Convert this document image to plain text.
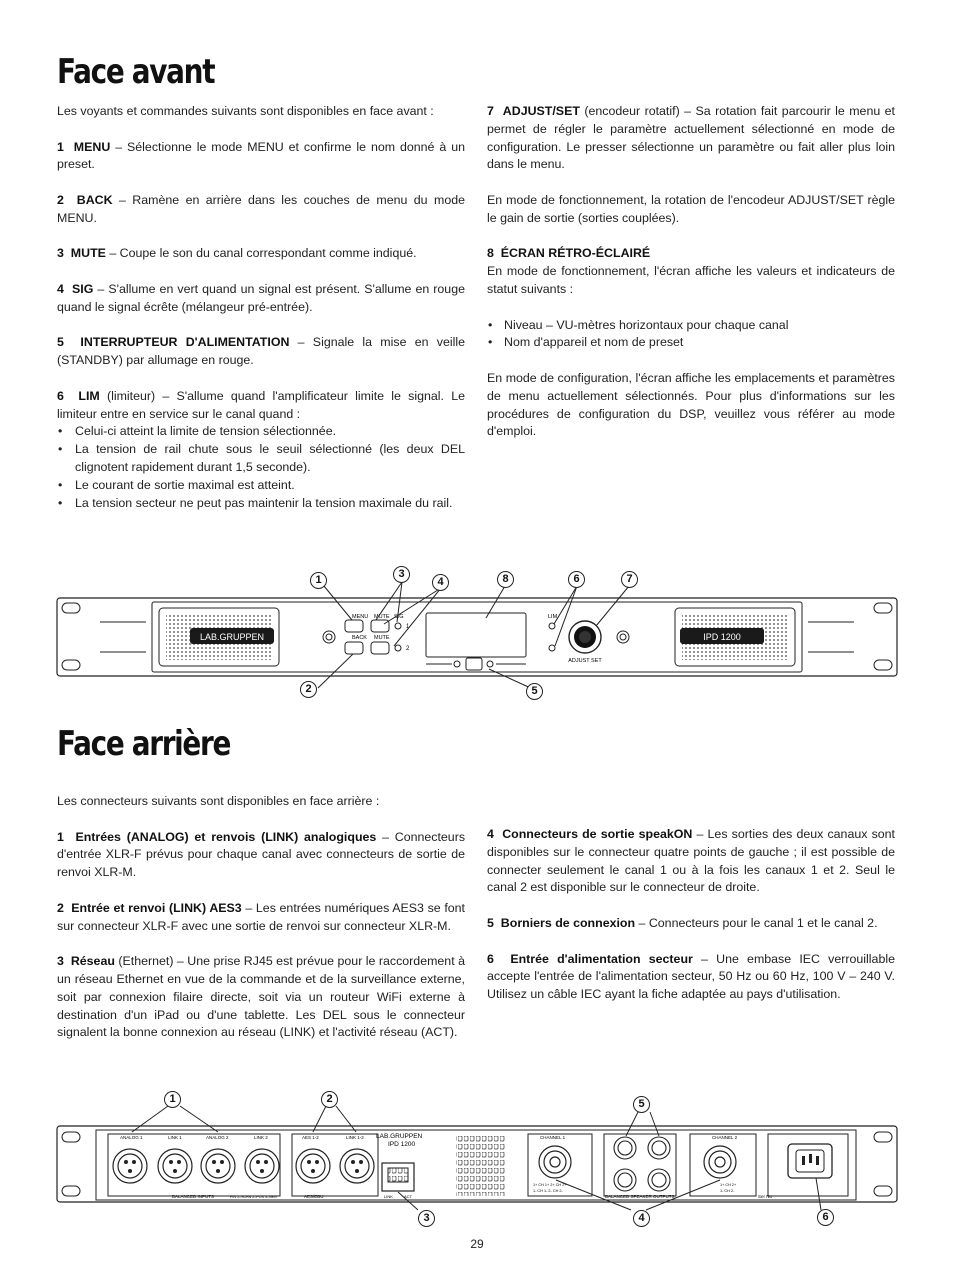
Face avant

Les voyants et commandes suivants sont disponibles en face avant :

1 MENU – Sélectionne le mode MENU et confirme le nom donné à un preset.

2 BACK – Ramène en arrière dans les couches de menu du mode MENU.

3 MUTE – Coupe le son du canal correspondant comme indiqué.

4 SIG – S'allume en vert quand un signal est présent. S'allume en rouge quand le signal écrête (mélangeur pré-entrée).

5 INTERRUPTEUR D'ALIMENTATION – Signale la mise en veille (STANDBY) par allumage en rouge.

6 LIM (limiteur) – S'allume quand l'amplificateur limite le signal. Le limiteur entre en service sur le canal quand :

• Celui-ci atteint la limite de tension sélectionnée.
• La tension de rail chute sous le seuil sélectionné (les deux DEL clignotent rapidement durant 1,5 seconde).
• Le courant de sortie maximal est atteint.
• La tension secteur ne peut pas maintenir la tension maximale du rail.

7 ADJUST/SET (encodeur rotatif) – Sa rotation fait parcourir le menu et permet de régler le paramètre actuellement sélectionné en mode de configuration. Le presser sélectionne un paramètre ou fait aller plus loin dans le menu.

En mode de fonctionnement, la rotation de l'encodeur ADJUST/SET règle le gain de sortie (sorties couplées).

8 ÉCRAN RÉTRO-ÉCLAIRÉ

En mode de fonctionnement, l'écran affiche les valeurs et indicateurs de statut suivants :

• Niveau – VU-mètres horizontaux pour chaque canal
• Nom d'appareil et nom de preset

En mode de configuration, l'écran affiche les emplacements et paramètres de menu actuellement sélectionnés. Pour plus d'informations sur les procédures de configuration du DSP, veuillez vous référer au mode d'emploi.

LAB.GRUPPEN
MENU
BACK
MUTE
MUTE
SIG
1
2
LIM
ADJUST SET
IPD 1200
1	3
4	8	6	7
2	5
Face arrière

Les connecteurs suivants sont disponibles en face arrière :

1 Entrées (ANALOG) et renvois (LINK) analogiques – Connecteurs d'entrée XLR-F prévus pour chaque canal avec connecteurs de sortie de renvoi XLR-M.

2 Entrée et renvoi (LINK) AES3 – Les entrées numériques AES3 se font sur connecteur XLR-F avec une sortie de renvoi sur connecteur XLR-M.

3 Réseau (Ethernet) – Une prise RJ45 est prévue pour le raccordement à un réseau Ethernet en vue de la commande et de la surveillance externe, soit par connexion filaire directe, soit via un routeur WiFi externe à destination d'un iPad ou d'une tablette. Les DEL sous le connecteur signalent la bonne connexion au réseau (LINK) et l'activité réseau (ACT).

4 Connecteurs de sortie speakON – Les sorties des deux canaux sont disponibles sur le connecteur quatre points de gauche ; il est possible de connecter seulement le canal 1 ou à la fois les canaux 1 et 2. Seul le canal 2 est disponible sur le connecteur de droite.

5 Borniers de connexion – Connecteurs pour le canal 1 et le canal 2.

6 Entrée d'alimentation secteur – Une embase IEC verrouillable accepte l'entrée de l'alimentation secteur, 50 Hz ou 60 Hz, 100 V – 240 V. Utilisez un câble IEC ayant la fiche adaptée au pays d'utilisation.

ANALOG 1	LINK 1	ANALOG 2	LINK 2
BALANCED INPUTS	PIN 1=SCRN 2=POS 3=NEG
AES 1-2	LINK 1-2
AES/EBU
LAB.GRUPPEN
IPD 1200
LINK	ACT
CHANNEL 1
1+ CH 1+ 2+ CH 2+
1- CH 1- 2- CH 2-
BALANCED SPEAKER OUTPUTS
CHANNEL 2
1+ CH 2+
1- CH 2-
Ser No
1	2	5
3	4	6
29
